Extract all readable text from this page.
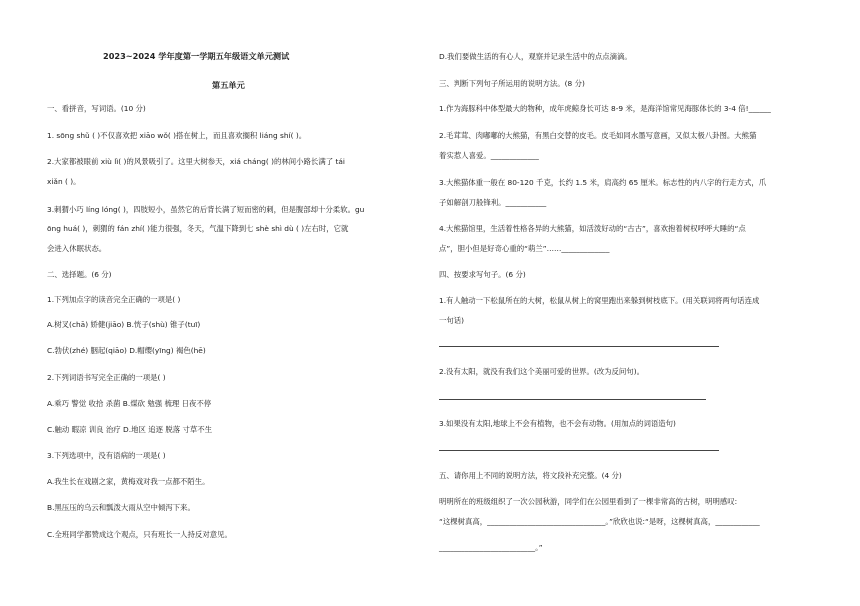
2023~2024 学年度第一学期五年级语文单元测试
第五单元
一、看拼音，写词语。(10 分)
1. sōng shǔ ( )不仅喜欢把 xiāo wǒ( )搭在树上，而且喜欢搁积 liáng shí( )。
2.大家都被眼前 xiù lì( )的风景吸引了。这里大树参天，xiá cháng( )的林间小路长满了 tái
xiǎn ( )。
3.刺猬小巧 líng lóng( )，四肢短小，虽然它的后背长满了短而密的刺，但是腹部却十分柔软。gu
ōng huá( )，刺猬的 fán zhí( )能力很强，冬天，气温下降到七 shè shì dù ( )左右时，它就
会进入休眠状态。
二、选择题。(6 分)
1.下列加点字的读音完全正确的一项是( )
A.树叉(chā) 娇健(jiāo) B.恍子(shù) 锥子(tuī)
C.勃伏(zhé) 胭起(qiāo) D.帽缨(yīng) 褐色(hē)
2.下列词语书写完全正确的一项是( )
A.乘巧 警觉 收拾 杀菌 B.煤砍 勉强 梳理 日夜不停
C.触动 暇凉 训良 治疗 D.地区 追逐 脱落 寸草不生
3.下列选项中，没有语病的一项是( )
A.我生长在戏剧之家，黄梅戏对我一点都不陌生。
B.黑压压的乌云和瓢泼大雨从空中倾泻下来。
C.全班同学都赞成这个观点，只有班长一人持反对意见。
D.我们要做生活的有心人，观察并记录生活中的点点滴滴。
三、判断下列句子所运用的说明方法。(8 分)
1.作为海豚科中体型最大的物种，成年虎鲸身长可达 8-9 米，是海洋馆常见海豚体长的 3-4 倍!______
2.毛茸茸、肉嘟嘟的大熊猫，有黑白交替的皮毛。皮毛如同水墨写意画，又似太极八卦图。大熊猫
着实惹人喜爱。_____________
3.大熊猫体重一般在 80-120 千克，长约 1.5 米，肩高约 65 厘米。标志性的内八字的行走方式，爪
子如解剖刀般锋利。___________
4.大熊猫馆里，生活着性格各异的大熊猫，如活泼好动的“古古”，喜欢抱着树权呼呼大睡的“点
点”，胆小但是好奇心重的“萌兰”……_____________
四、按要求写句子。(6 分)
1.有人触动一下松鼠所在的大树，松鼠从树上的窝里跑出来躲到树枝底下。(用关联词将两句话连成
一句话)
2.没有太阳，就没有我们这个美丽可爱的世界。(改为反问句)。
3.如果没有太阳,地球上不会有植物，也不会有动物。(用加点的词语造句)
五、请你用上不同的说明方法，将文段补充完整。(4 分)
明明所在的班级组织了一次公园秋游，同学们在公园里看到了一棵非常高的古树，明明感叹:
“这棵树真高，________________________________。”欣欣也说:“是呀，这棵树真高，____________
__________________________。”
